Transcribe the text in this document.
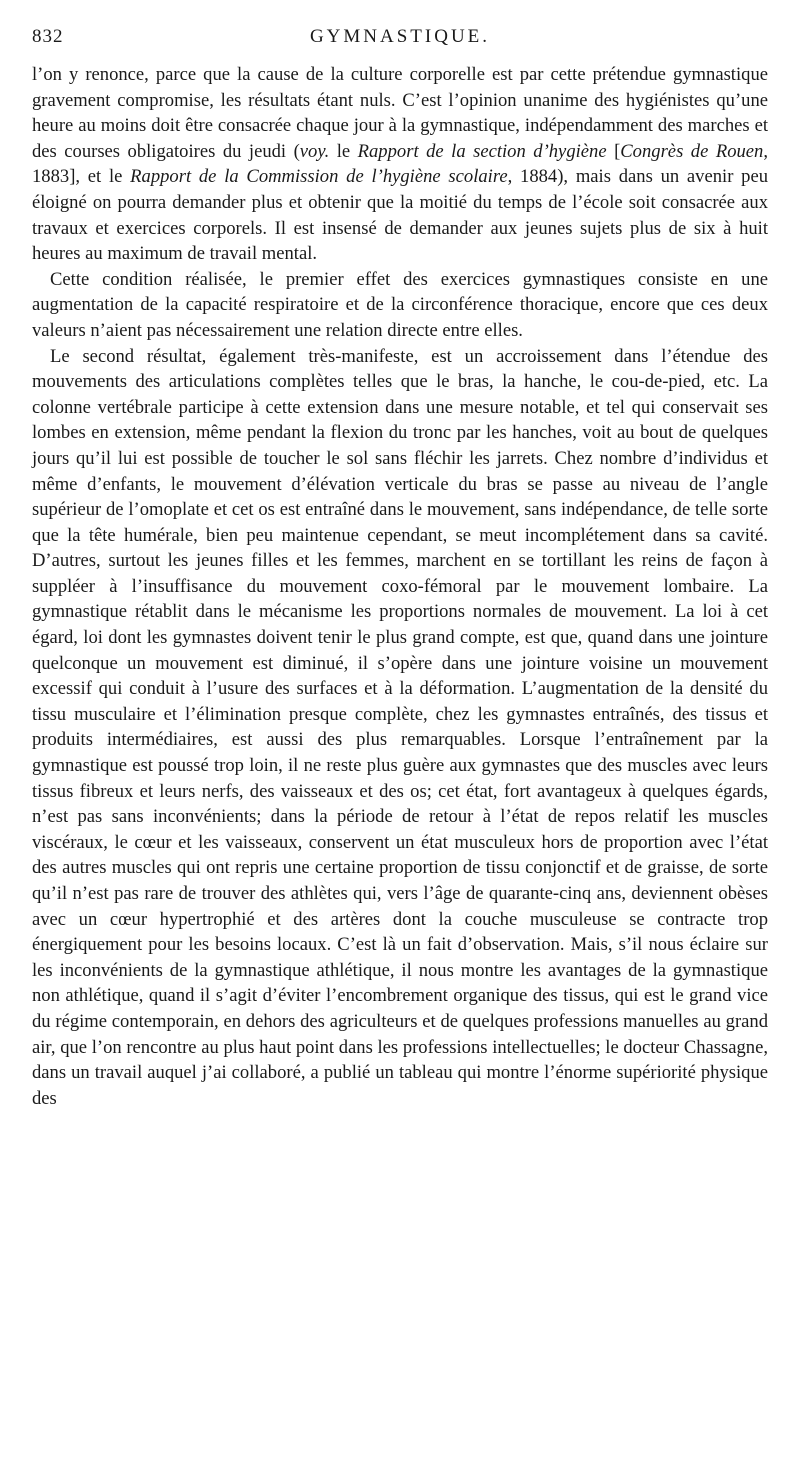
832	GYMNASTIQUE.

l’on y renonce, parce que la cause de la culture corporelle est par cette prétendue gymnastique gravement compromise, les résultats étant nuls. C’est l’opinion unanime des hygiénistes qu’une heure au moins doit être consacrée chaque jour à la gymnastique, indépendamment des marches et des courses obligatoires du jeudi (voy. le Rapport de la section d’hygiène [Congrès de Rouen, 1883], et le Rapport de la Commission de l’hygiène scolaire, 1884), mais dans un avenir peu éloigné on pourra demander plus et obtenir que la moitié du temps de l’école soit consacrée aux travaux et exercices corporels. Il est insensé de demander aux jeunes sujets plus de six à huit heures au maximum de travail mental.

Cette condition réalisée, le premier effet des exercices gymnastiques consiste en une augmentation de la capacité respiratoire et de la circonférence thoracique, encore que ces deux valeurs n’aient pas nécessairement une relation directe entre elles.

Le second résultat, également très-manifeste, est un accroissement dans l’étendue des mouvements des articulations complètes telles que le bras, la hanche, le cou-de-pied, etc. La colonne vertébrale participe à cette extension dans une mesure notable, et tel qui conservait ses lombes en extension, même pendant la flexion du tronc par les hanches, voit au bout de quelques jours qu’il lui est possible de toucher le sol sans fléchir les jarrets. Chez nombre d’individus et même d’enfants, le mouvement d’élévation verticale du bras se passe au niveau de l’angle supérieur de l’omoplate et cet os est entraîné dans le mouvement, sans indépendance, de telle sorte que la tête humérale, bien peu maintenue cependant, se meut incomplétement dans sa cavité. D’autres, surtout les jeunes filles et les femmes, marchent en se tortillant les reins de façon à suppléer à l’insuffisance du mouvement coxo-fémoral par le mouvement lombaire. La gymnastique rétablit dans le mécanisme les proportions normales de mouvement. La loi à cet égard, loi dont les gymnastes doivent tenir le plus grand compte, est que, quand dans une jointure quelconque un mouvement est diminué, il s’opère dans une jointure voisine un mouvement excessif qui conduit à l’usure des surfaces et à la déformation. L’augmentation de la densité du tissu musculaire et l’élimination presque complète, chez les gymnastes entraînés, des tissus et produits intermédiaires, est aussi des plus remarquables. Lorsque l’entraînement par la gymnastique est poussé trop loin, il ne reste plus guère aux gymnastes que des muscles avec leurs tissus fibreux et leurs nerfs, des vaisseaux et des os; cet état, fort avantageux à quelques égards, n’est pas sans inconvénients; dans la période de retour à l’état de repos relatif les muscles viscéraux, le cœur et les vaisseaux, conservent un état musculeux hors de proportion avec l’état des autres muscles qui ont repris une certaine proportion de tissu conjonctif et de graisse, de sorte qu’il n’est pas rare de trouver des athlètes qui, vers l’âge de quarante-cinq ans, deviennent obèses avec un cœur hypertrophié et des artères dont la couche musculeuse se contracte trop énergiquement pour les besoins locaux. C’est là un fait d’observation. Mais, s’il nous éclaire sur les inconvénients de la gymnastique athlétique, il nous montre les avantages de la gymnastique non athlétique, quand il s’agit d’éviter l’encombrement organique des tissus, qui est le grand vice du régime contemporain, en dehors des agriculteurs et de quelques professions manuelles au grand air, que l’on rencontre au plus haut point dans les professions intellectuelles; le docteur Chassagne, dans un travail auquel j’ai collaboré, a publié un tableau qui montre l’énorme supériorité physique des
